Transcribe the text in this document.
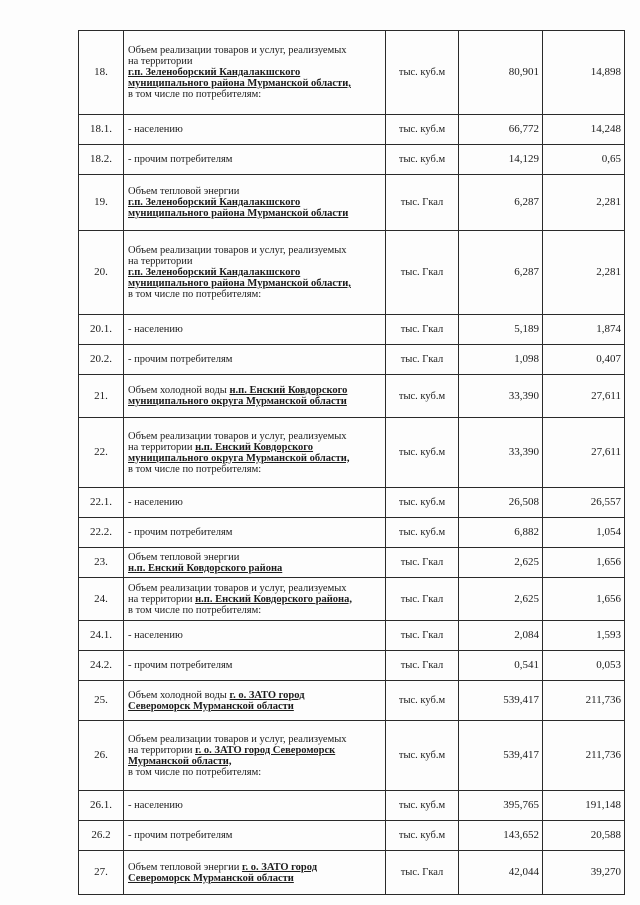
18.	Объем реализации товаров и услуг, реализуемых
на территории
г.п. Зеленоборский Кандалакшского
муниципального района Мурманской области,
в том числе по потребителям:	тыс. куб.м	80,901	14,898
18.1.	- населению	тыс. куб.м	66,772	14,248
18.2.	- прочим потребителям	тыс. куб.м	14,129	0,65
19.	Объем тепловой энергии
г.п. Зеленоборский Кандалакшского
муниципального района Мурманской области	тыс. Гкал	6,287	2,281
20.	Объем реализации товаров и услуг, реализуемых
на территории
г.п. Зеленоборский Кандалакшского
муниципального района Мурманской области,
в том числе по потребителям:	тыс. Гкал	6,287	2,281
20.1.	- населению	тыс. Гкал	5,189	1,874
20.2.	- прочим потребителям	тыс. Гкал	1,098	0,407
21.	Объем холодной воды н.п. Енский Ковдорского
муниципального округа Мурманской области	тыс. куб.м	33,390	27,611
22.	Объем реализации товаров и услуг, реализуемых
на территории н.п. Енский Ковдорского
муниципального округа Мурманской области,
в том числе по потребителям:	тыс. куб.м	33,390	27,611
22.1.	- населению	тыс. куб.м	26,508	26,557
22.2.	- прочим потребителям	тыс. куб.м	6,882	1,054
23.	Объем тепловой энергии
н.п. Енский Ковдорского района	тыс. Гкал	2,625	1,656
24.	Объем реализации товаров и услуг, реализуемых
на территории н.п. Енский Ковдорского района,
в том числе по потребителям:	тыс. Гкал	2,625	1,656
24.1.	- населению	тыс. Гкал	2,084	1,593
24.2.	- прочим потребителям	тыс. Гкал	0,541	0,053
25.	Объем холодной воды г. о. ЗАТО город
Североморск Мурманской области	тыс. куб.м	539,417	211,736
26.	Объем реализации товаров и услуг, реализуемых
на территории г. о. ЗАТО город Североморск
Мурманской области,
в том числе по потребителям:	тыс. куб.м	539,417	211,736
26.1.	- населению	тыс. куб.м	395,765	191,148
26.2	- прочим потребителям	тыс. куб.м	143,652	20,588
27.	Объем тепловой энергии г. о. ЗАТО город
Североморск Мурманской области	тыс. Гкал	42,044	39,270
